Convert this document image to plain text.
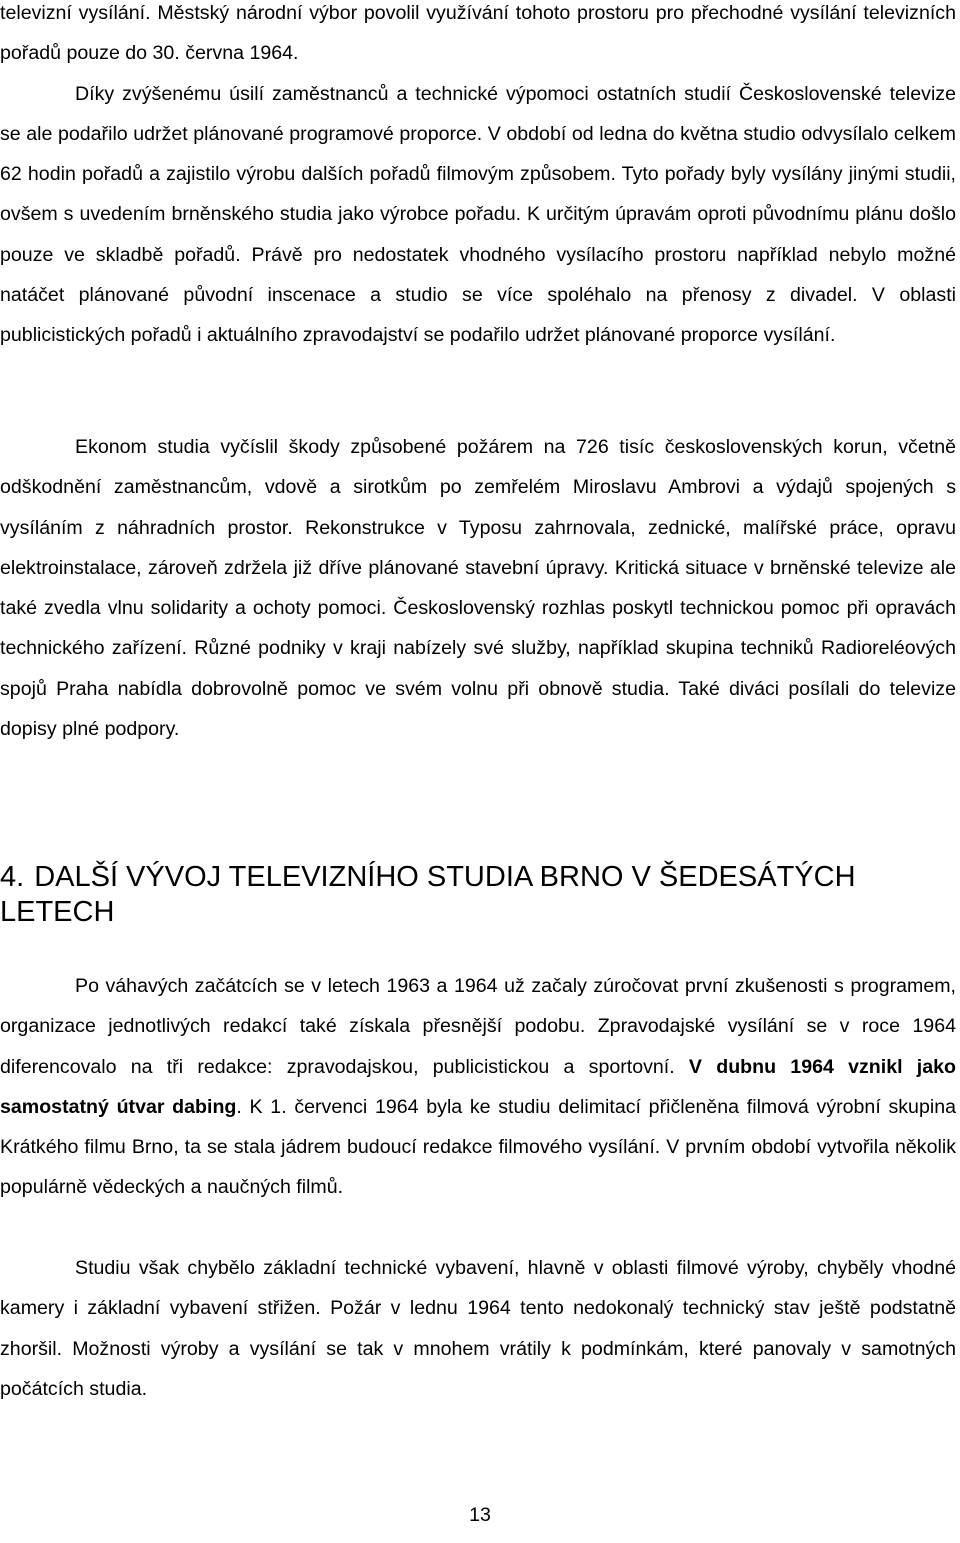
televizní vysílání. Městský národní výbor povolil využívání tohoto prostoru pro přechodné vysílání televizních pořadů pouze do 30. června 1964.

Díky zvýšenému úsilí zaměstnanců a technické výpomoci ostatních studií Československé televize se ale podařilo udržet plánované programové proporce. V období od ledna do května studio odvysílalo celkem 62 hodin pořadů a zajistilo výrobu dalších pořadů filmovým způsobem. Tyto pořady byly vysílány jinými studii, ovšem s uvedením brněnského studia jako výrobce pořadu. K určitým úpravám oproti původnímu plánu došlo pouze ve skladbě pořadů. Právě pro nedostatek vhodného vysílacího prostoru například nebylo možné natáčet plánované původní inscenace a studio se více spoléhalo na přenosy z divadel. V oblasti publicistických pořadů i aktuálního zpravodajství se podařilo udržet plánované proporce vysílání.

Ekonom studia vyčíslil škody způsobené požárem na 726 tisíc československých korun, včetně odškodnění zaměstnancům, vdově a sirotkům po zemřelém Miroslavu Ambrovi a výdajů spojených s vysíláním z náhradních prostor. Rekonstrukce v Typosu zahrnovala, zednické, malířské práce, opravu elektroinstalace, zároveň zdržela již dříve plánované stavební úpravy. Kritická situace v brněnské televize ale také zvedla vlnu solidarity a ochoty pomoci. Československý rozhlas poskytl technickou pomoc při opravách technického zařízení. Různé podniky v kraji nabízely své služby, například skupina techniků Radioreléových spojů Praha nabídla dobrovolně pomoc ve svém volnu při obnově studia. Také diváci posílali do televize dopisy plné podpory.

4. DALŠÍ VÝVOJ TELEVIZNÍHO STUDIA BRNO V ŠEDESÁTÝCH LETECH

Po váhavých začátcích se v letech 1963 a 1964 už začaly zúročovat první zkušenosti s programem, organizace jednotlivých redakcí také získala přesnější podobu. Zpravodajské vysílání se v roce 1964 diferencovalo na tři redakce: zpravodajskou, publicistickou a sportovní. V dubnu 1964 vznikl jako samostatný útvar dabing. K 1. červenci 1964 byla ke studiu delimitací přičleněna filmová výrobní skupina Krátkého filmu Brno, ta se stala jádrem budoucí redakce filmového vysílání. V prvním období vytvořila několik populárně vědeckých a naučných filmů.

Studiu však chybělo základní technické vybavení, hlavně v oblasti filmové výroby, chyběly vhodné kamery i základní vybavení střižen. Požár v lednu 1964 tento nedokonalý technický stav ještě podstatně zhoršil. Možnosti výroby a vysílání se tak v mnohem vrátily k podmínkám, které panovaly v samotných počátcích studia.

13
